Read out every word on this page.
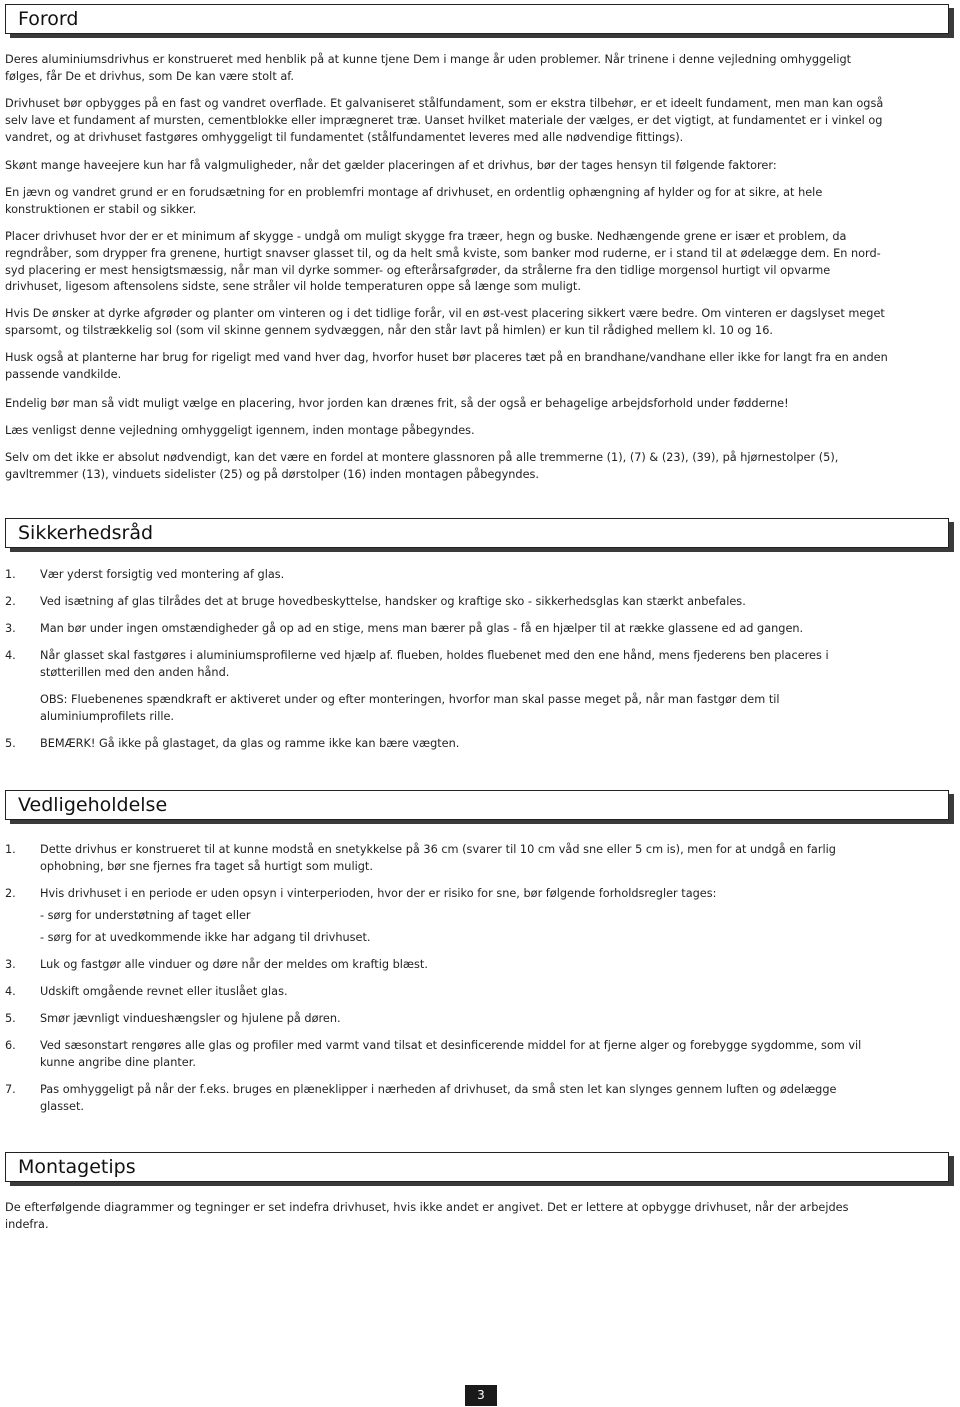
Forord

Deres aluminiumsdrivhus er konstrueret med henblik på at kunne tjene Dem i mange år uden problemer. Når trinene i denne vejledning omhyggeligt følges, får De et drivhus, som De kan være stolt af.

Drivhuset bør opbygges på en fast og vandret overflade. Et galvaniseret stålfundament, som er ekstra tilbehør, er et ideelt fundament, men man kan også selv lave et fundament af mursten, cementblokke eller imprægneret træ. Uanset hvilket materiale der vælges, er det vigtigt, at fundamentet er i vinkel og vandret, og at drivhuset fastgøres omhyggeligt til fundamentet (stålfundamentet leveres med alle nødvendige fittings).

Skønt mange haveejere kun har få valgmuligheder, når det gælder placeringen af et drivhus, bør der tages hensyn til følgende faktorer:

En jævn og vandret grund er en forudsætning for en problemfri montage af drivhuset, en ordentlig ophængning af hylder og for at sikre, at hele konstruktionen er stabil og sikker.

Placer drivhuset hvor der er et minimum af skygge - undgå om muligt skygge fra træer, hegn og buske. Nedhængende grene er især et problem, da regndråber, som drypper fra grenene, hurtigt snavser glasset til, og da helt små kviste, som banker mod ruderne, er i stand til at ødelægge dem. En nord-syd placering er mest hensigtsmæssig, når man vil dyrke sommer- og efterårsafgrøder, da strålerne fra den tidlige morgensol hurtigt vil opvarme drivhuset, ligesom aftensolens sidste, sene stråler vil holde temperaturen oppe så længe som muligt.

Hvis De ønsker at dyrke afgrøder og planter om vinteren og i det tidlige forår, vil en øst-vest placering sikkert være bedre. Om vinteren er dagslyset meget sparsomt, og tilstrækkelig sol (som vil skinne gennem sydvæggen, når den står lavt på himlen) er kun til rådighed mellem kl. 10 og 16.

Husk også at planterne har brug for rigeligt med vand hver dag, hvorfor huset bør placeres tæt på en brandhane/vandhane eller ikke for langt fra en anden passende vandkilde.

Endelig bør man så vidt muligt vælge en placering, hvor jorden kan drænes frit, så der også er behagelige arbejdsforhold under fødderne!

Læs venligst denne vejledning omhyggeligt igennem, inden montage påbegyndes.

Selv om det ikke er absolut nødvendigt, kan det være en fordel at montere glassnoren på alle tremmerne (1), (7) & (23), (39), på hjørnestolper (5), gavltremmer (13), vinduets sidelister (25) og på dørstolper (16) inden montagen påbegyndes.

Sikkerhedsråd
1.	Vær yderst forsigtig ved montering af glas.
2.	Ved isætning af glas tilrådes det at bruge hovedbeskyttelse, handsker og kraftige sko - sikkerhedsglas kan stærkt anbefales.
3.	Man bør under ingen omstændigheder gå op ad en stige, mens man bærer på glas - få en hjælper til at række glassene ed ad gangen.
4.	Når glasset skal fastgøres i aluminiumsprofilerne ved hjælp af. flueben, holdes fluebenet med den ene hånd, mens fjederens ben placeres i støtterillen med den anden hånd.
OBS: Fluebenenes spændkraft er aktiveret under og efter monteringen, hvorfor man skal passe meget på, når man fastgør dem til aluminiumprofilets rille.
5.	BEMÆRK! Gå ikke på glastaget, da glas og ramme ikke kan bære vægten.
Vedligeholdelse
1.	Dette drivhus er konstrueret til at kunne modstå en snetykkelse på 36 cm (svarer til 10 cm våd sne eller 5 cm is), men for at undgå en farlig ophobning, bør sne fjernes fra taget så hurtigt som muligt.
2.	Hvis drivhuset i en periode er uden opsyn i vinterperioden, hvor der er risiko for sne, bør følgende forholdsregler tages:
- sørg for understøtning af taget eller
- sørg for at uvedkommende ikke har adgang til drivhuset.
3.	Luk og fastgør alle vinduer og døre når der meldes om kraftig blæst.
4.	Udskift omgående revnet eller ituslået glas.
5.	Smør jævnligt vindueshængsler og hjulene på døren.
6.	Ved sæsonstart rengøres alle glas og profiler med varmt vand tilsat et desinficerende middel for at fjerne alger og forebygge sygdomme, som vil kunne angribe dine planter.
7.	Pas omhyggeligt på når der f.eks. bruges en plæneklipper i nærheden af drivhuset, da små sten let kan slynges gennem luften og ødelægge glasset.
Montagetips

De efterfølgende diagrammer og tegninger er set indefra drivhuset, hvis ikke andet er angivet. Det er lettere at opbygge drivhuset, når der arbejdes indefra.

3
